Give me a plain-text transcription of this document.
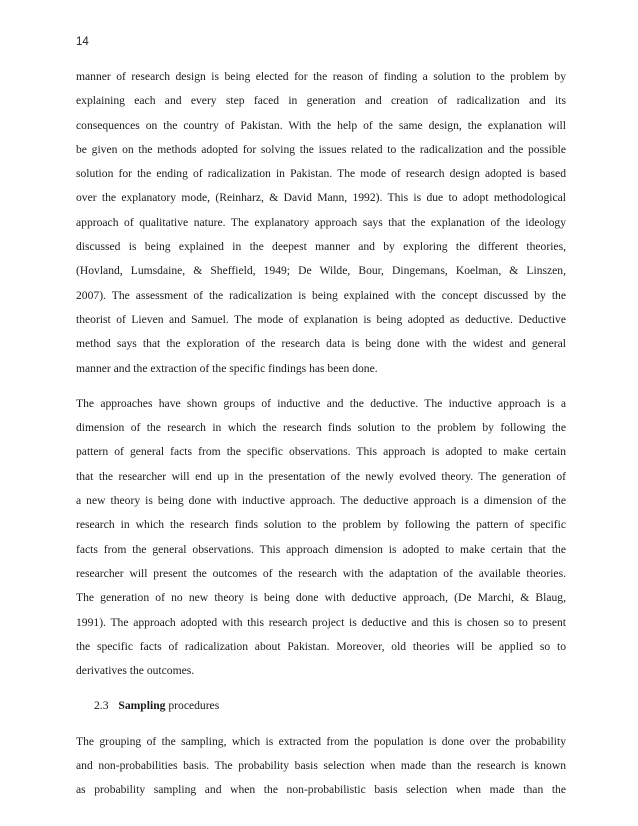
14
manner of research design is being elected for the reason of finding a solution to the problem by
explaining each and every step faced in generation and creation of radicalization and its
consequences on the country of Pakistan. With the help of the same design, the explanation will
be given on the methods adopted for solving the issues related to the radicalization and the possible
solution for the ending of radicalization in Pakistan. The mode of research design adopted is based
over the explanatory mode, (Reinharz, & David Mann, 1992). This is due to adopt methodological
approach of qualitative nature. The explanatory approach says that the explanation of the ideology
discussed is being explained in the deepest manner and by exploring the different theories,
(Hovland, Lumsdaine, & Sheffield, 1949; De Wilde, Bour, Dingemans, Koelman, & Linszen,
2007). The assessment of the radicalization is being explained with the concept discussed by the
theorist of Lieven and Samuel. The mode of explanation is being adopted as deductive. Deductive
method says that the exploration of the research data is being done with the widest and general
manner and the extraction of the specific findings has been done.
The approaches have shown groups of inductive and the deductive. The inductive approach is a
dimension of the research in which the research finds solution to the problem by following the
pattern of general facts from the specific observations. This approach is adopted to make certain
that the researcher will end up in the presentation of the newly evolved theory. The generation of
a new theory is being done with inductive approach. The deductive approach is a dimension of the
research in which the research finds solution to the problem by following the pattern of specific
facts from the general observations. This approach dimension is adopted to make certain that the
researcher will present the outcomes of the research with the adaptation of the available theories.
The generation of no new theory is being done with deductive approach, (De Marchi, & Blaug,
1991). The approach adopted with this research project is deductive and this is chosen so to present
the specific facts of radicalization about Pakistan. Moreover, old theories will be applied so to
derivatives the outcomes.
2.3 Sampling procedures
The grouping of the sampling, which is extracted from the population is done over the probability
and non-probabilities basis. The probability basis selection when made than the research is known
as probability sampling and when the non-probabilistic basis selection when made than the
